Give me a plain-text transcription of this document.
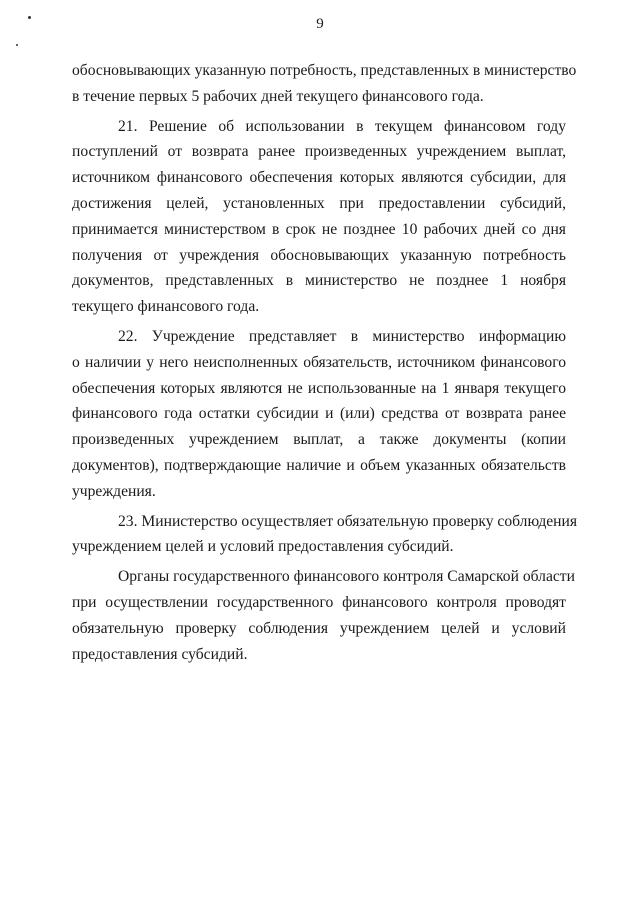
9
обосновывающих указанную потребность, представленных в министерство
в течение первых 5 рабочих дней текущего финансового года.
21. Решение об использовании в текущем финансовом году
поступлений от возврата ранее произведенных учреждением выплат,
источником финансового обеспечения которых являются субсидии, для
достижения целей, установленных при предоставлении субсидий,
принимается министерством в срок не позднее 10 рабочих дней со дня
получения от учреждения обосновывающих указанную потребность
документов, представленных в министерство не позднее 1 ноября
текущего финансового года.
22. Учреждение представляет в министерство информацию
о наличии у него неисполненных обязательств, источником финансового
обеспечения которых являются не использованные на 1 января текущего
финансового года остатки субсидии и (или) средства от возврата ранее
произведенных учреждением выплат, а также документы (копии
документов), подтверждающие наличие и объем указанных обязательств
учреждения.
23. Министерство осуществляет обязательную проверку соблюдения
учреждением целей и условий предоставления субсидий.
Органы государственного финансового контроля Самарской области
при осуществлении государственного финансового контроля проводят
обязательную проверку соблюдения учреждением целей и условий
предоставления субсидий.
